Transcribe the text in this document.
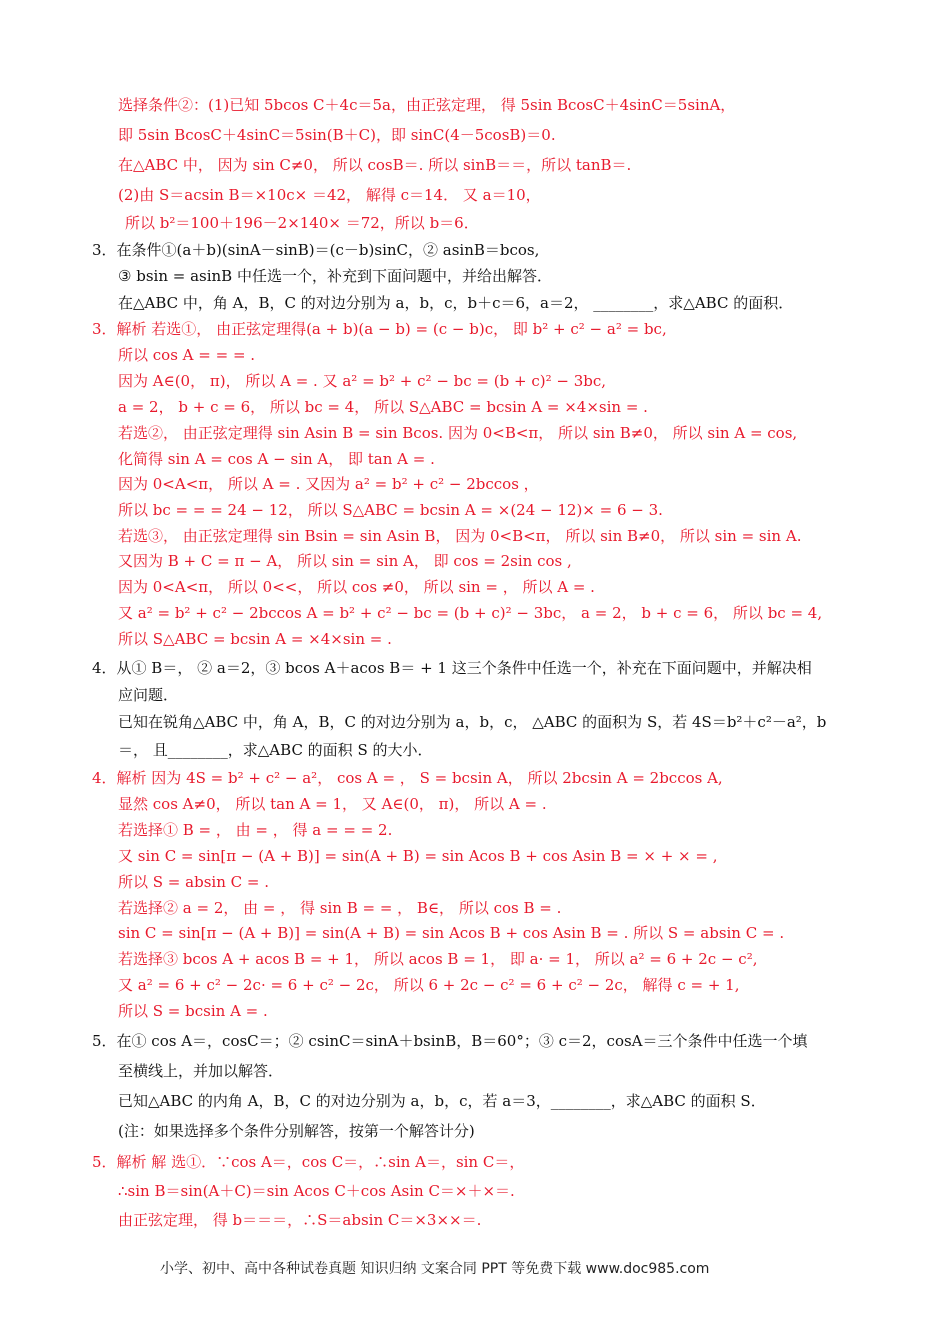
选择条件②：(1)已知 5bcos C＋4c＝5a，由正弦定理， 得 5sin BcosC＋4sinC＝5sinA，
即 5sin BcosC＋4sinC＝5sin(B＋C)，即 sinC(4－5cosB)＝0.
在△ABC 中， 因为 sin C≠0， 所以 cosB＝. 所以 sinB＝＝，所以 tanB＝.
(2)由 S＝acsin B＝×10c× ＝42， 解得 c＝14． 又 a＝10，
所以 b²＝100＋196－2×140× ＝72，所以 b＝6．
3．在条件①(a＋b)(sinA－sinB)＝(c－b)sinC，② asinB＝bcos,
③ bsin = asinB 中任选一个，补充到下面问题中，并给出解答．
在△ABC 中，角 A，B，C 的对边分别为 a，b，c，b＋c＝6，a＝2， ________，求△ABC 的面积．
3．解析 若选①， 由正弦定理得(a + b)(a − b) = (c − b)c， 即 b² + c² − a² = bc,
所以 cos A = = = .
因为 A∈(0， π)， 所以 A = . 又 a² = b² + c² − bc = (b + c)² − 3bc,
a = 2， b + c = 6， 所以 bc = 4， 所以 S△ABC = bcsin A = ×4×sin = .
若选②， 由正弦定理得 sin Asin B = sin Bcos. 因为 0<B<π， 所以 sin B≠0， 所以 sin A = cos,
化简得 sin A = cos A − sin A， 即 tan A = .
因为 0<A<π， 所以 A = . 又因为 a² = b² + c² − 2bccos ，
所以 bc = = = 24 − 12， 所以 S△ABC = bcsin A = ×(24 − 12)× = 6 − 3.
若选③， 由正弦定理得 sin Bsin = sin Asin B， 因为 0<B<π， 所以 sin B≠0， 所以 sin = sin A.
又因为 B + C = π − A， 所以 sin = sin A， 即 cos = 2sin cos ,
因为 0<A<π， 所以 0<<， 所以 cos ≠0， 所以 sin = ， 所以 A = .
又 a² = b² + c² − 2bccos A = b² + c² − bc = (b + c)² − 3bc， a = 2， b + c = 6， 所以 bc = 4,
所以 S△ABC = bcsin A = ×4×sin = .
4．从① B＝， ② a＝2，③ bcos A＋acos B＝ + 1 这三个条件中任选一个，补充在下面问题中，并解决相
应问题．
已知在锐角△ABC 中，角 A，B，C 的对边分别为 a，b，c， △ABC 的面积为 S，若 4S＝b²＋c²－a²，b
＝， 且________，求△ABC 的面积 S 的大小．
4．解析 因为 4S = b² + c² − a²， cos A = ， S = bcsin A， 所以 2bcsin A = 2bccos A,
显然 cos A≠0， 所以 tan A = 1， 又 A∈(0， π)， 所以 A = .
若选择① B = ， 由 = ， 得 a = = = 2.
又 sin C = sin[π − (A + B)] = sin(A + B) = sin Acos B + cos Asin B = × + × = ,
所以 S = absin C = .
若选择② a = 2， 由 = ， 得 sin B = = ， B∈， 所以 cos B = .
sin C = sin[π − (A + B)] = sin(A + B) = sin Acos B + cos Asin B = . 所以 S = absin C = .
若选择③ bcos A + acos B = + 1， 所以 acos B = 1， 即 a· = 1， 所以 a² = 6 + 2c − c²,
又 a² = 6 + c² − 2c· = 6 + c² − 2c， 所以 6 + 2c − c² = 6 + c² − 2c， 解得 c = + 1,
所以 S = bcsin A = .
5．在① cos A＝，cosC＝；② csinC＝sinA＋bsinB，B＝60°；③ c＝2，cosA＝三个条件中任选一个填
至横线上，并加以解答．
已知△ABC 的内角 A，B，C 的对边分别为 a，b，c，若 a＝3，________，求△ABC 的面积 S．
(注：如果选择多个条件分别解答，按第一个解答计分)
5．解析 解 选①．∵cos A＝，cos C＝，∴sin A＝，sin C＝，
∴sin B＝sin(A＋C)＝sin Acos C＋cos Asin C＝×＋×＝.
由正弦定理， 得 b＝＝＝，∴S＝absin C＝×3××＝.
小学、初中、高中各种试卷真题 知识归纳 文案合同 PPT 等免费下载 www.doc985.com
